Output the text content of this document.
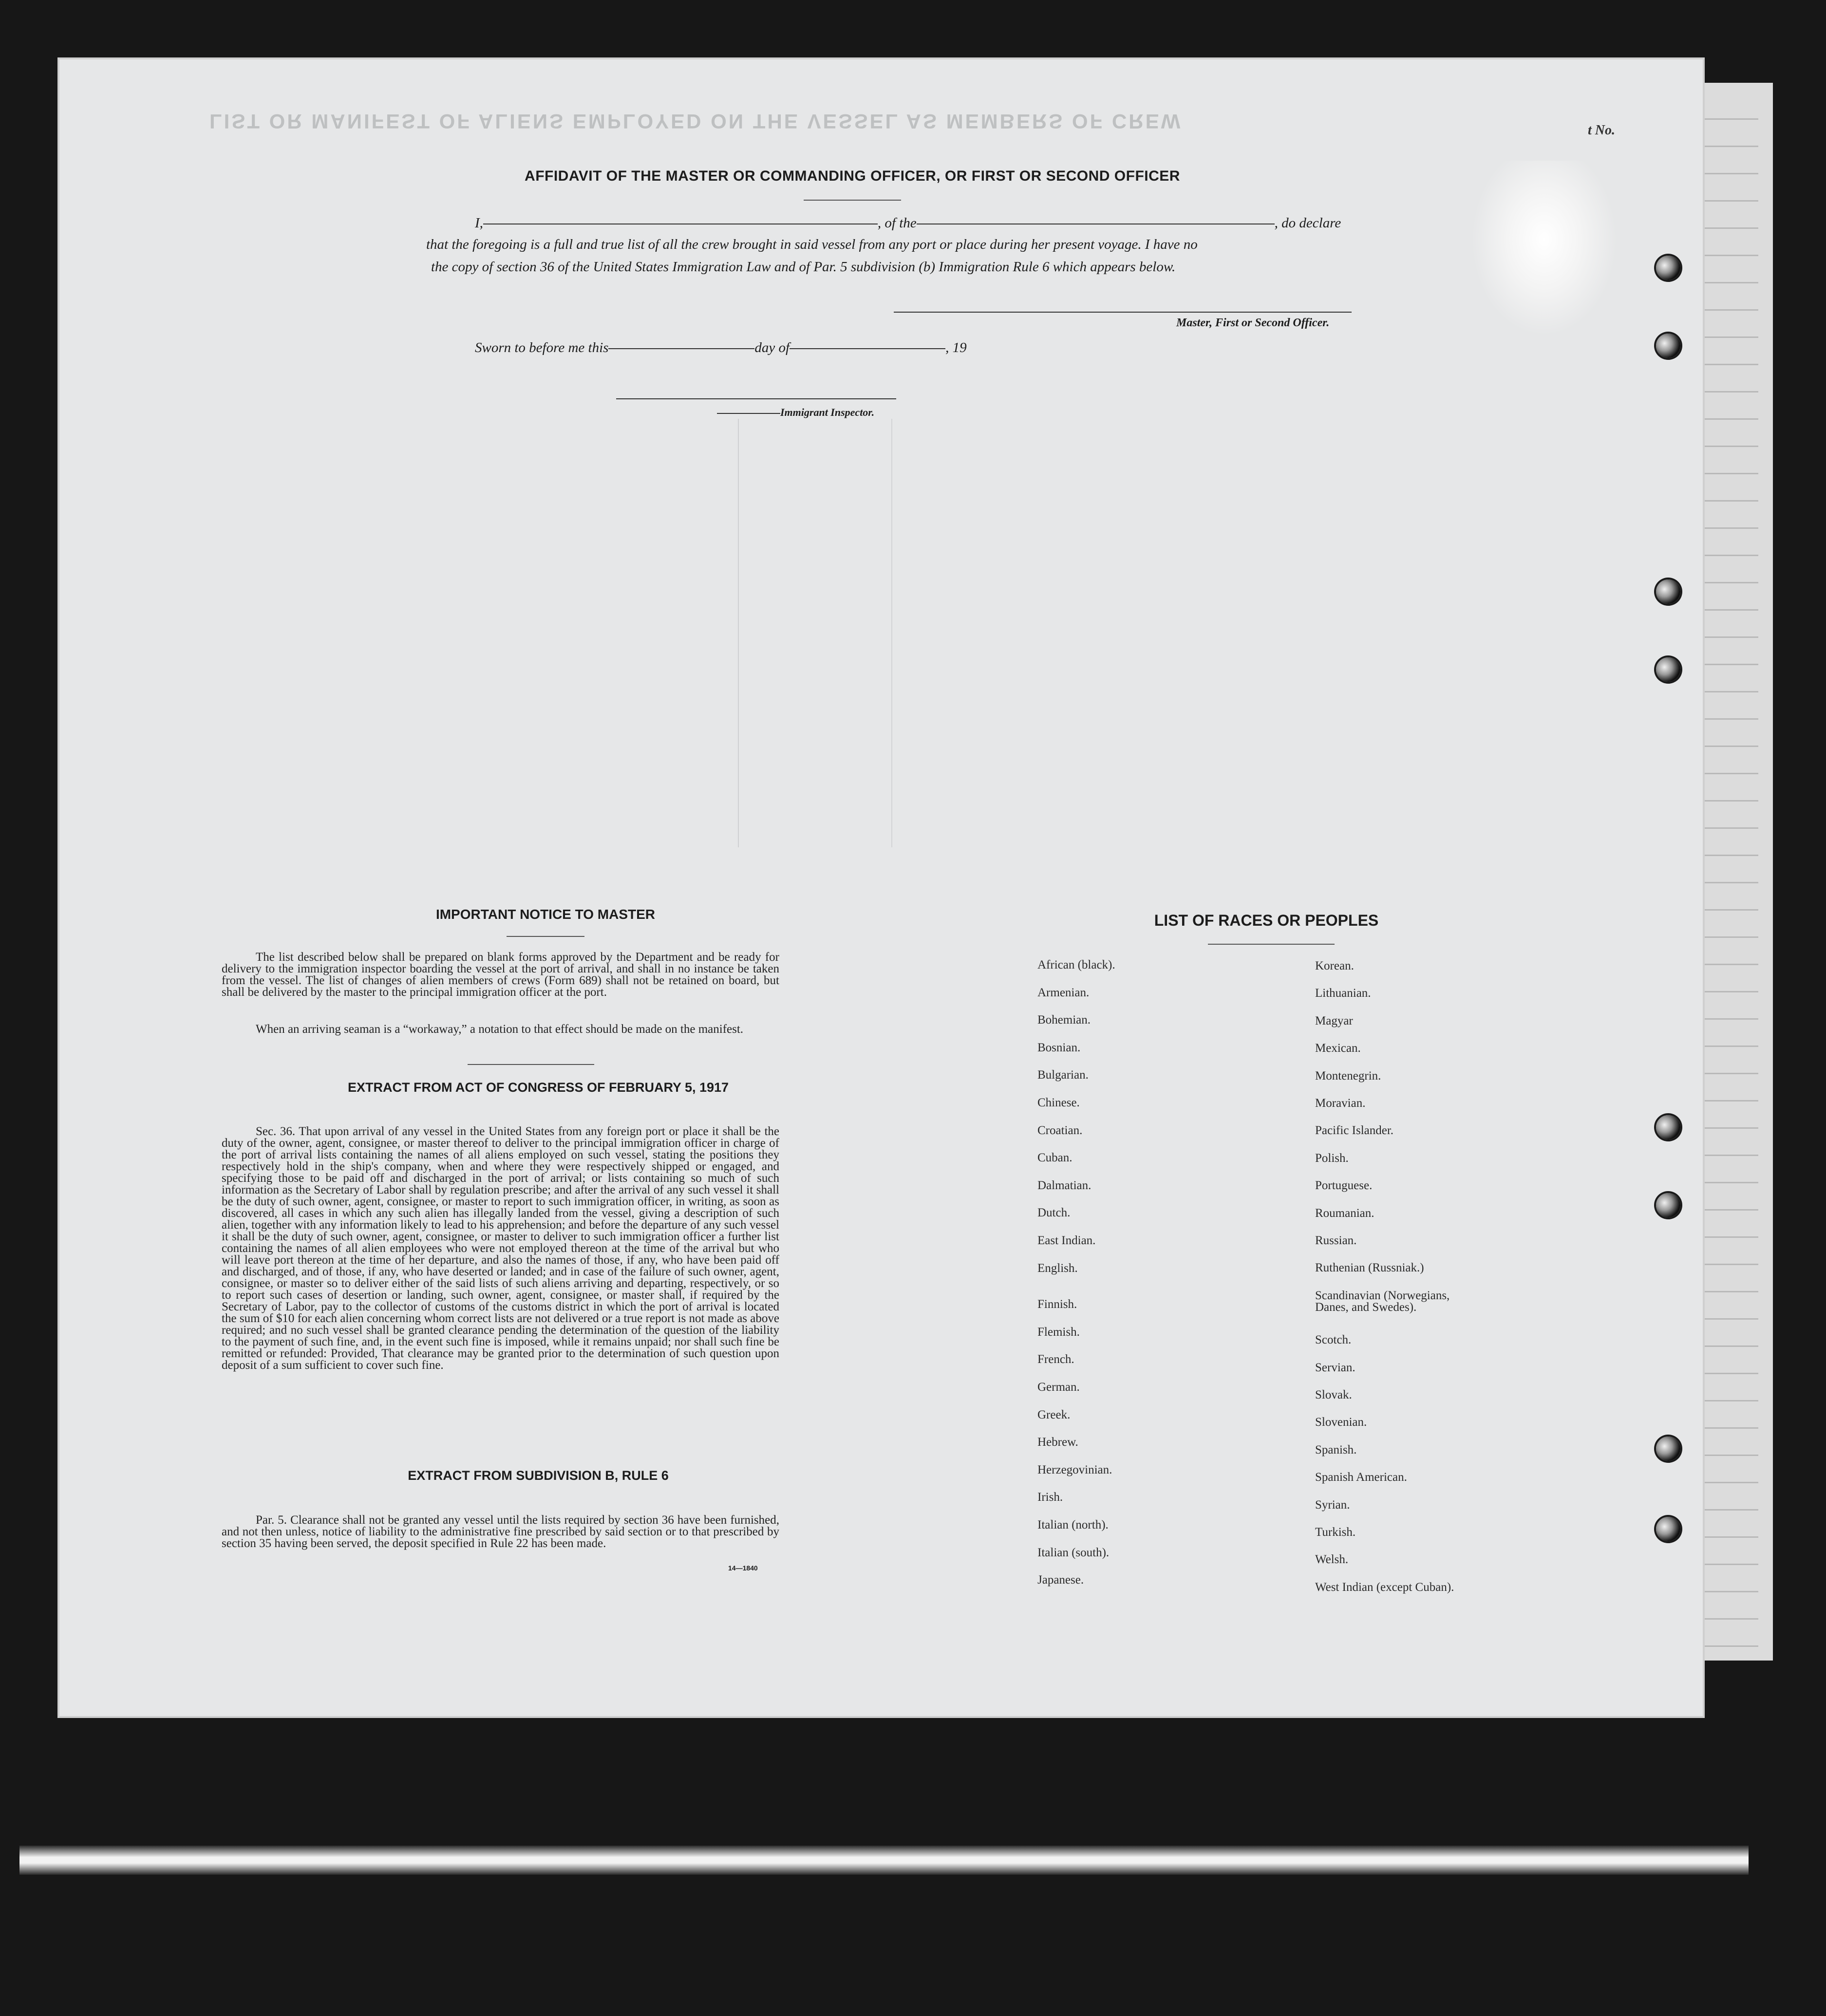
LIST OR MANIFEST OF ALIENS EMPLOYED ON THE VESSEL AS MEMBERS OF CREW	t No.
AFFIDAVIT OF THE MASTER OR COMMANDING OFFICER, OR FIRST OR SECOND OFFICER
I,	, of the	, do declare
that the foregoing is a full and true list of all the crew brought in said vessel from any port or place during her present voyage. I have no
the copy of section 36 of the United States Immigration Law and of Par. 5 subdivision (b) Immigration Rule 6 which appears below.
Master, First or Second Officer.
Sworn to before me this	day of	, 19
Immigrant Inspector.
IMPORTANT NOTICE TO MASTER
The list described below shall be prepared on blank forms approved by the Department and be ready for delivery to the immigration inspector boarding the vessel at the port of arrival, and shall in no instance be taken from the vessel. The list of changes of alien members of crews (Form 689) shall not be retained on board, but shall be delivered by the master to the principal immigration officer at the port.
When an arriving seaman is a “workaway,” a notation to that effect should be made on the manifest.
EXTRACT FROM ACT OF CONGRESS OF FEBRUARY 5, 1917
Sec. 36. That upon arrival of any vessel in the United States from any foreign port or place it shall be the duty of the owner, agent, consignee, or master thereof to deliver to the principal immigration officer in charge of the port of arrival lists containing the names of all aliens employed on such vessel, stating the positions they respectively hold in the ship's company, when and where they were respectively shipped or engaged, and specifying those to be paid off and discharged in the port of arrival; or lists containing so much of such information as the Secretary of Labor shall by regulation prescribe; and after the arrival of any such vessel it shall be the duty of such owner, agent, consignee, or master to report to such immigration officer, in writing, as soon as discovered, all cases in which any such alien has illegally landed from the vessel, giving a description of such alien, together with any information likely to lead to his apprehension; and before the departure of any such vessel it shall be the duty of such owner, agent, consignee, or master to deliver to such immigration officer a further list containing the names of all alien employees who were not employed thereon at the time of the arrival but who will leave port thereon at the time of her departure, and also the names of those, if any, who have been paid off and discharged, and of those, if any, who have deserted or landed; and in case of the failure of such owner, agent, consignee, or master so to deliver either of the said lists of such aliens arriving and departing, respectively, or so to report such cases of desertion or landing, such owner, agent, consignee, or master shall, if required by the Secretary of Labor, pay to the collector of customs of the customs district in which the port of arrival is located the sum of $10 for each alien concerning whom correct lists are not delivered or a true report is not made as above required; and no such vessel shall be granted clearance pending the determination of the question of the liability to the payment of such fine, and, in the event such fine is imposed, while it remains unpaid; nor shall such fine be remitted or refunded: Provided, That clearance may be granted prior to the determination of such question upon deposit of a sum sufficient to cover such fine.
EXTRACT FROM SUBDIVISION B, RULE 6
Par. 5. Clearance shall not be granted any vessel until the lists required by section 36 have been furnished, and not then unless, notice of liability to the administrative fine prescribed by said section or to that prescribed by section 35 having been served, the deposit specified in Rule 22 has been made.
14—1840
LIST OF RACES OR PEOPLES
African (black).
Armenian.
Bohemian.
Bosnian.
Bulgarian.
Chinese.
Croatian.
Cuban.
Dalmatian.
Dutch.
East Indian.
English.
Finnish.
Flemish.
French.
German.
Greek.
Hebrew.
Herzegovinian.
Irish.
Italian (north).
Italian (south).
Japanese.
Korean.
Lithuanian.
Magyar
Mexican.
Montenegrin.
Moravian.
Pacific Islander.
Polish.
Portuguese.
Roumanian.
Russian.
Ruthenian (Russniak.)
Scandinavian (Norwegians,
Danes, and Swedes).
Scotch.
Servian.
Slovak.
Slovenian.
Spanish.
Spanish American.
Syrian.
Turkish.
Welsh.
West Indian (except Cuban).
